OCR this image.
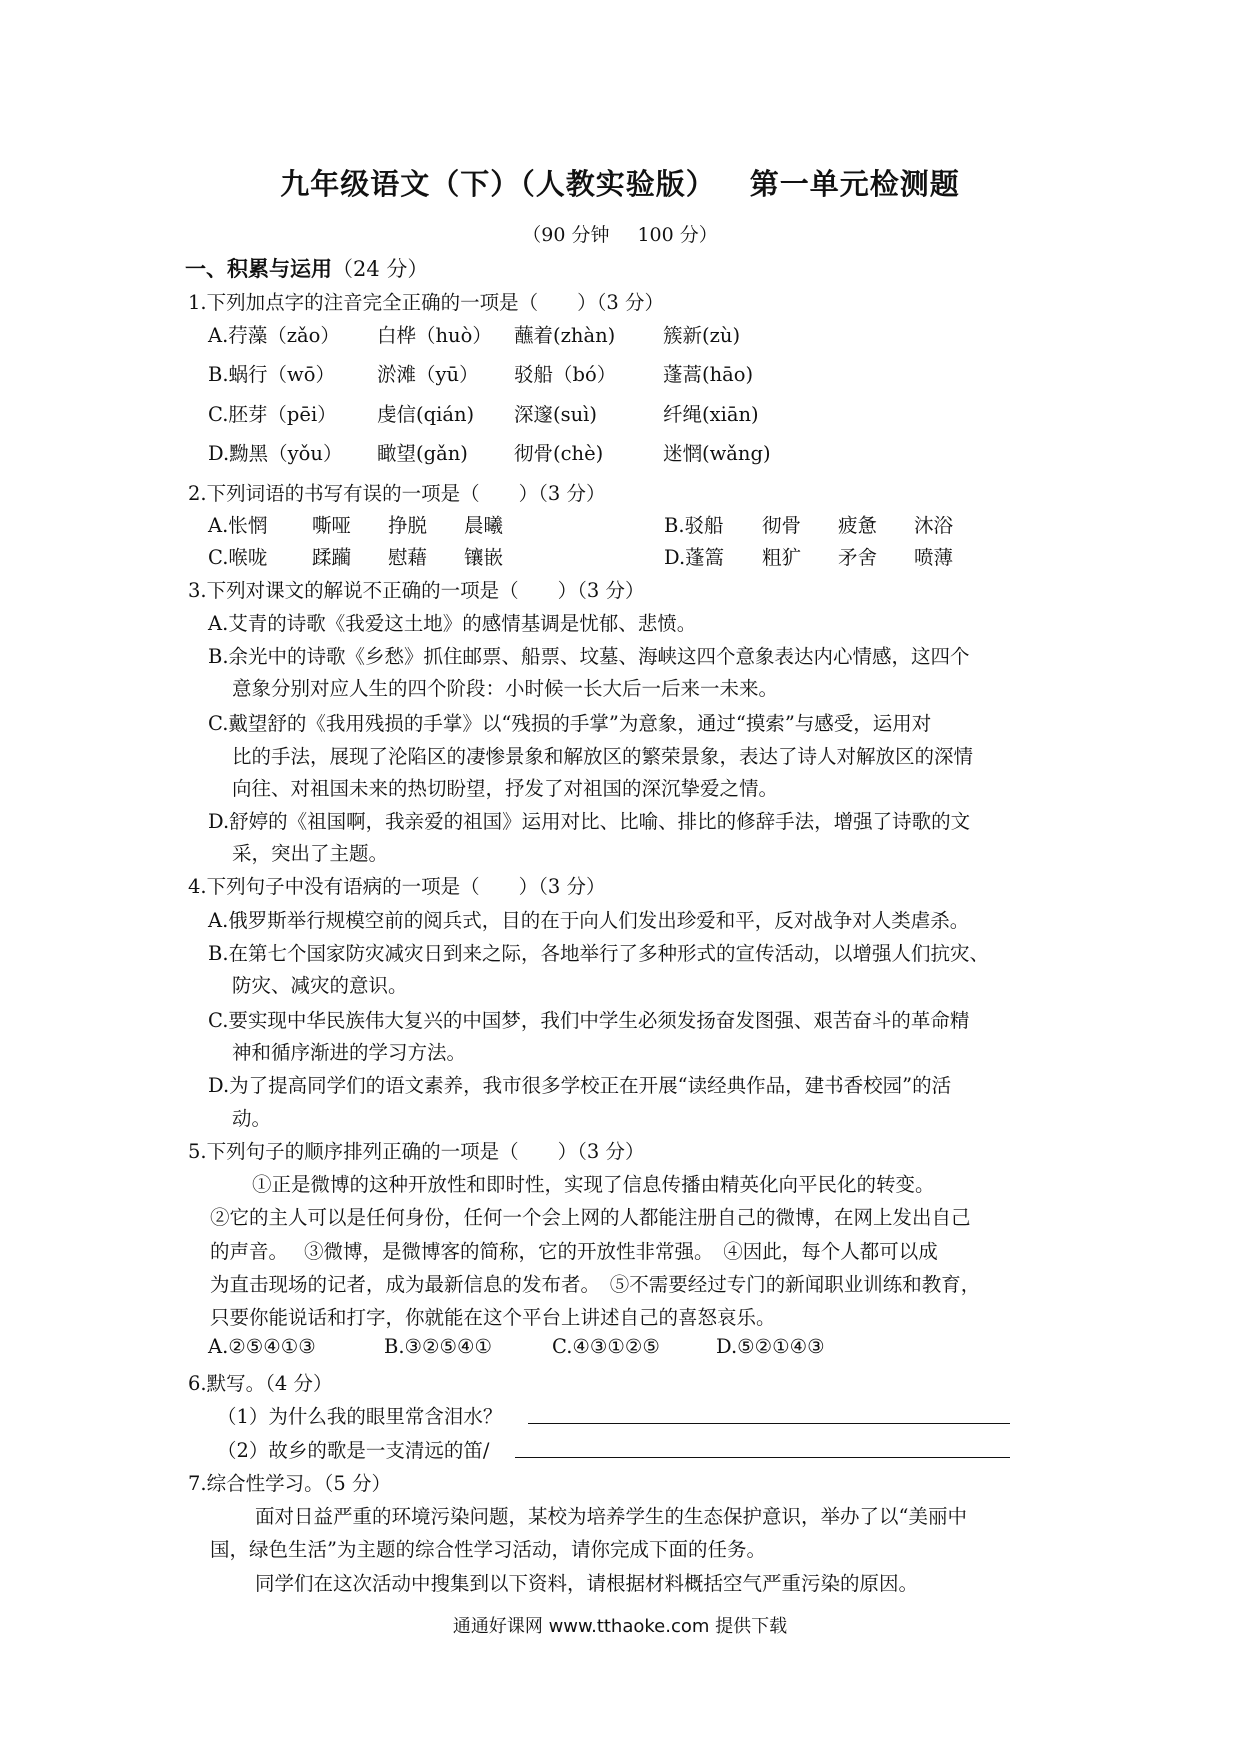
九年级语文（下）（人教实验版） 第一单元检测题
（90 分钟 100 分）
一、积累与运用（24 分）
1.下列加点字的注音完全正确的一项是（　　）（3 分）
A.荇藻（zǎo） 白桦（huò） 蘸着(zhàn) 簇新(zù)
B.蜗行（wō） 淤滩（yū） 驳船（bó） 蓬蒿(hāo)
C.胚芽（pēi） 虔信(qián) 深邃(suì)	纤绳(xiān)
D.黝黑（yǒu） 瞰望(gǎn) 彻骨(chè)	迷惘(wǎng)
2.下列词语的书写有误的一项是（　　）（3 分）
A.怅惘 嘶哑 挣脱 晨曦	B.驳船 彻骨 疲惫 沐浴
C.喉咙 蹂躏 慰藉 镶嵌	D.蓬篙 粗犷 矛舍 喷薄
3.下列对课文的解说不正确的一项是（　　）（3 分）
A.艾青的诗歌《我爱这土地》的感情基调是忧郁、悲愤。
B.余光中的诗歌《乡愁》抓住邮票、船票、坟墓、海峡这四个意象表达内心情感，这四个
意象分别对应人生的四个阶段：小时候一长大后一后来一未来。
C.戴望舒的《我用残损的手掌》以“残损的手掌”为意象，通过“摸索”与感受，运用对
比的手法，展现了沦陷区的凄惨景象和解放区的繁荣景象，表达了诗人对解放区的深情
向往、对祖国未来的热切盼望，抒发了对祖国的深沉挚爱之情。
D.舒婷的《祖国啊，我亲爱的祖国》运用对比、比喻、排比的修辞手法，增强了诗歌的文
采，突出了主题。
4.下列句子中没有语病的一项是（　　）（3 分）
A.俄罗斯举行规模空前的阅兵式，目的在于向人们发出珍爱和平，反对战争对人类虐杀。
B.在第七个国家防灾减灾日到来之际，各地举行了多种形式的宣传活动，以增强人们抗灾、
防灾、减灾的意识。
C.要实现中华民族伟大复兴的中国梦，我们中学生必须发扬奋发图强、艰苦奋斗的革命精
神和循序渐进的学习方法。
D.为了提高同学们的语文素养，我市很多学校正在开展“读经典作品，建书香校园”的活
动。
5.下列句子的顺序排列正确的一项是（　　）（3 分）
①正是微博的这种开放性和即时性，实现了信息传播由精英化向平民化的转变。
②它的主人可以是任何身份，任何一个会上网的人都能注册自己的微博，在网上发出自己
的声音。　 ③微博，是微博客的简称，它的开放性非常强。　④因此，每个人都可以成
为直击现场的记者，成为最新信息的发布者。　⑤不需要经过专门的新闻职业训练和教育，
只要你能说话和打字，你就能在这个平台上讲述自己的喜怒哀乐。
A.②⑤④①③	B.③②⑤④①	C.④③①②⑤	D.⑤②①④③
6.默写。（4 分）
（1）为什么我的眼里常含泪水？
（2）故乡的歌是一支清远的笛/
7.综合性学习。（5 分）
面对日益严重的环境污染问题，某校为培养学生的生态保护意识，举办了以“美丽中
国，绿色生活”为主题的综合性学习活动，请你完成下面的任务。
同学们在这次活动中搜集到以下资料，请根据材料概括空气严重污染的原因。
通通好课网 www.tthaoke.com 提供下载
